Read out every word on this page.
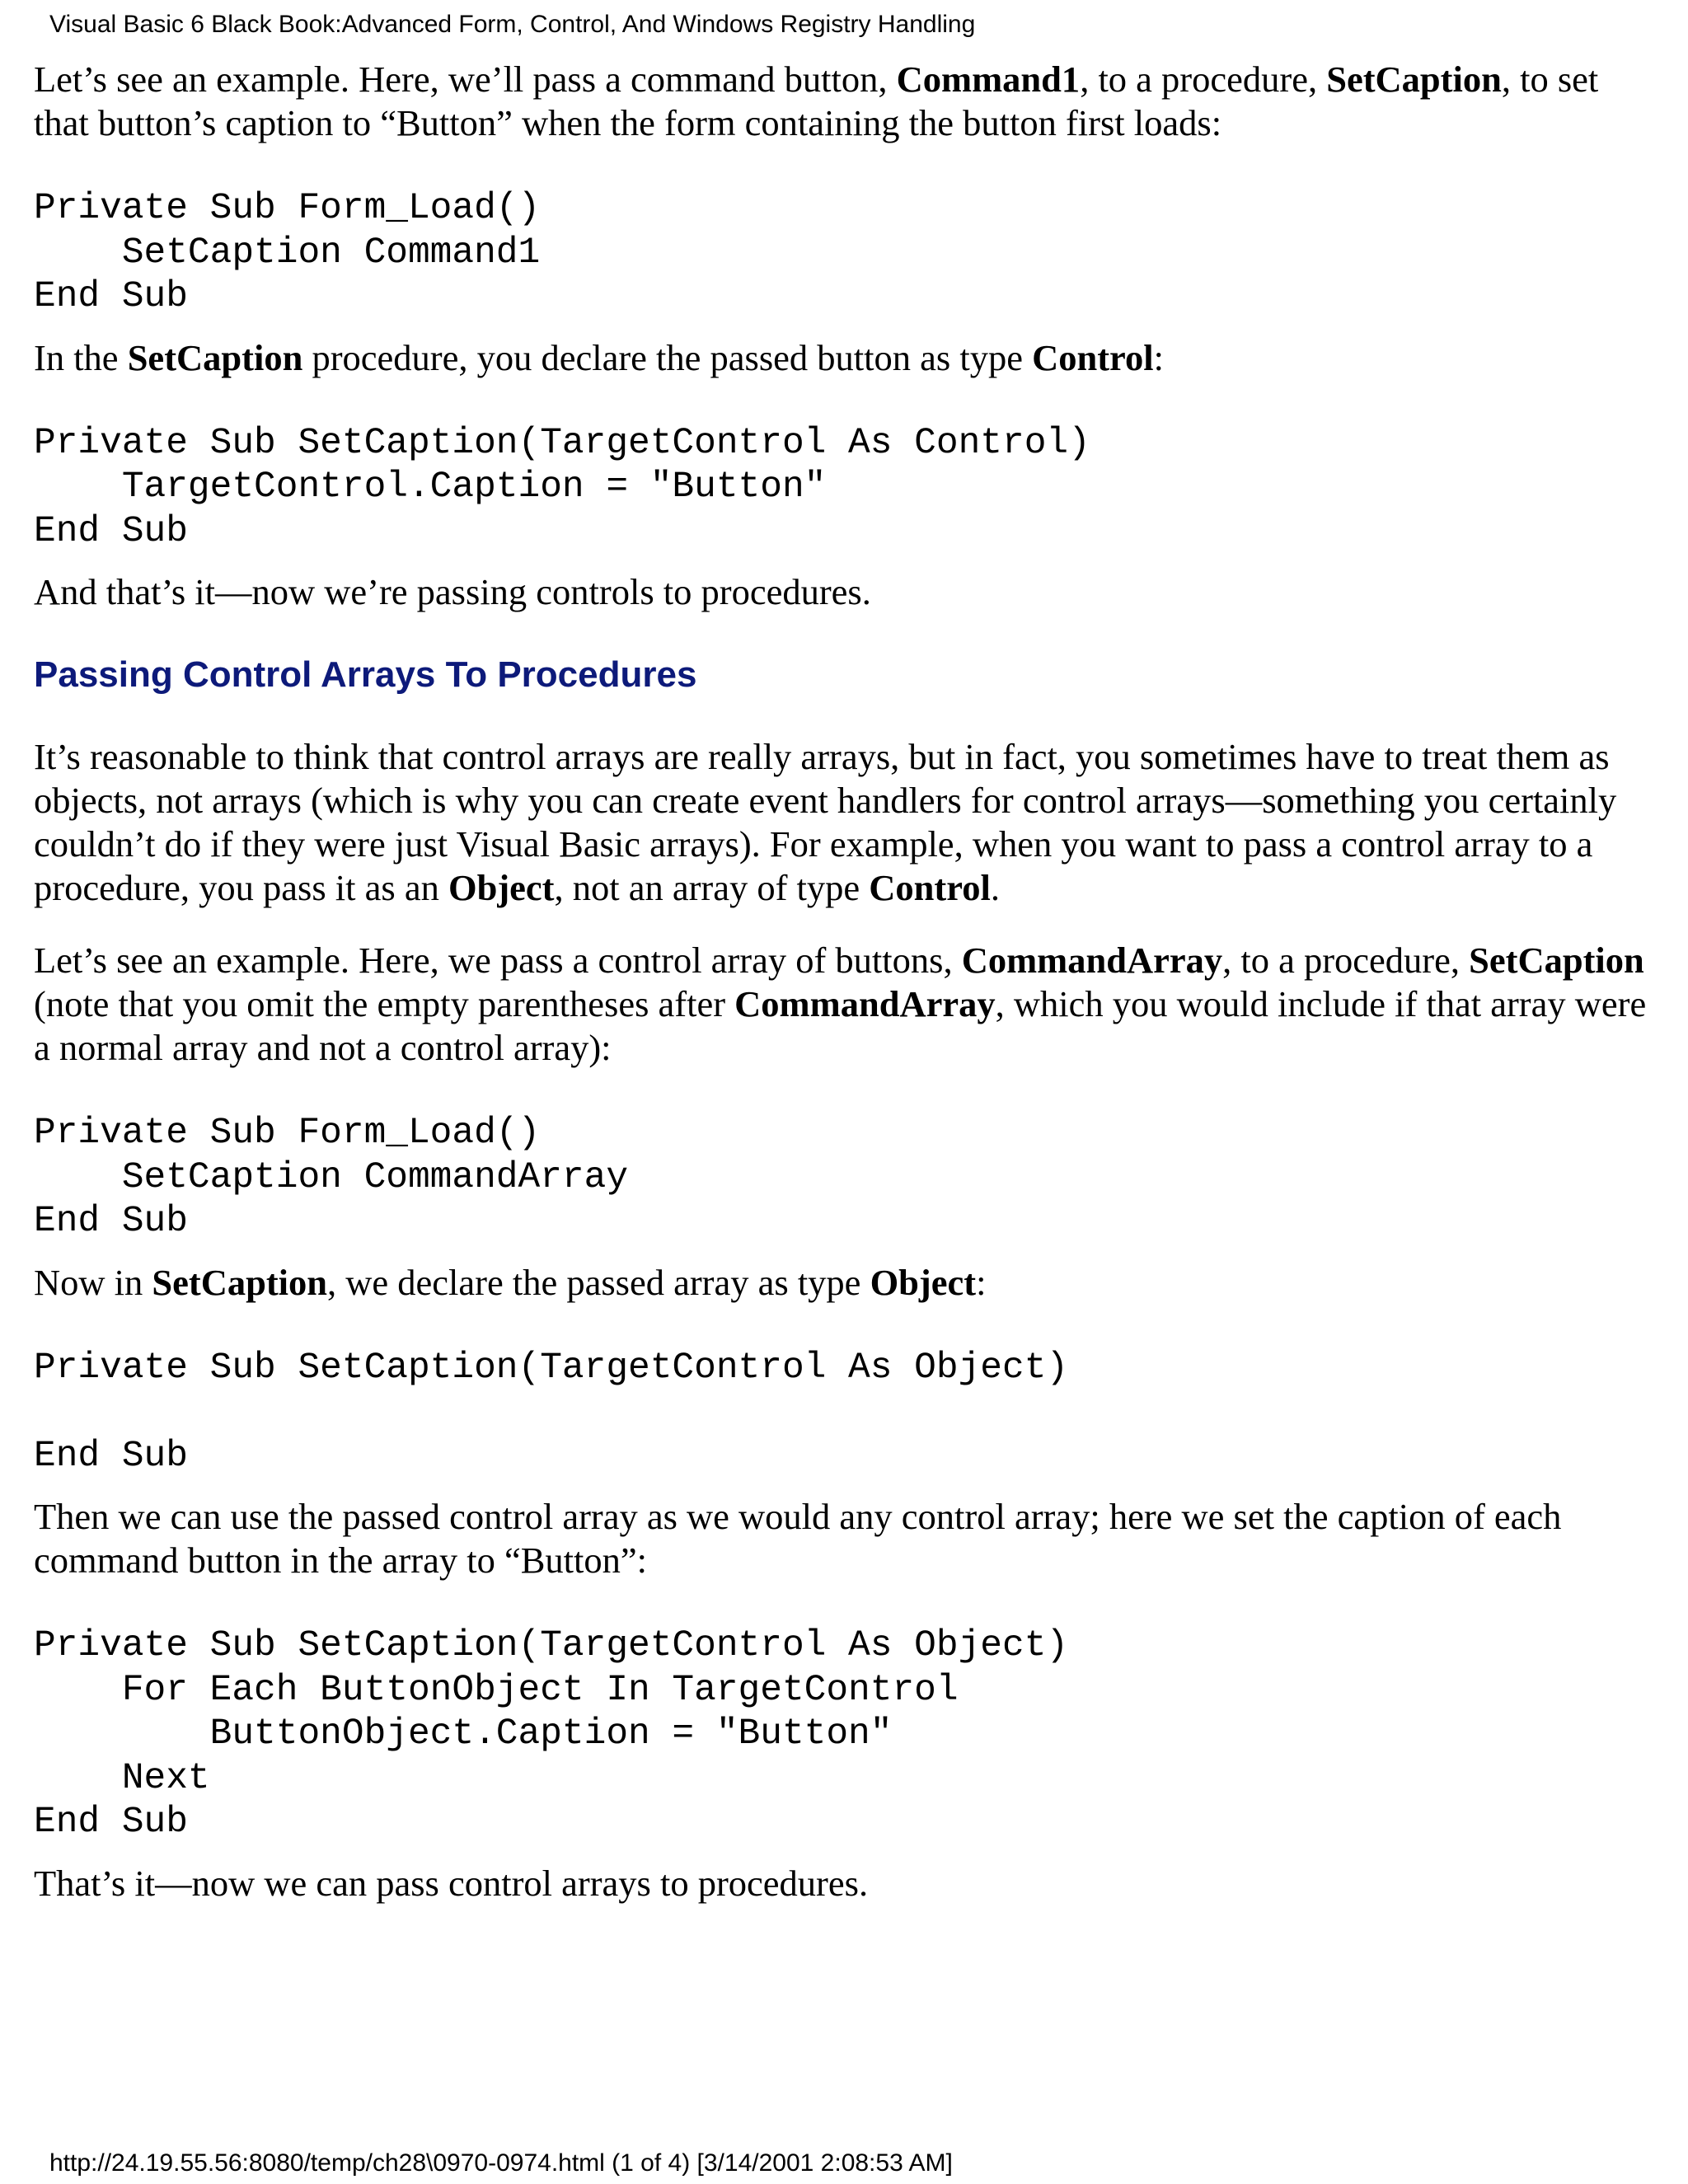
Visual Basic 6 Black Book:Advanced Form, Control, And Windows Registry Handling

Let’s see an example. Here, we’ll pass a command button, Command1, to a procedure, SetCaption, to set that button’s caption to “Button” when the form containing the button first loads:

Private Sub Form_Load()
SetCaption Command1
End Sub

In the SetCaption procedure, you declare the passed button as type Control:

Private Sub SetCaption(TargetControl As Control)
TargetControl.Caption = "Button"
End Sub

And that’s it—now we’re passing controls to procedures.

Passing Control Arrays To Procedures

It’s reasonable to think that control arrays are really arrays, but in fact, you sometimes have to treat them as objects, not arrays (which is why you can create event handlers for control arrays—something you certainly couldn’t do if they were just Visual Basic arrays). For example, when you want to pass a control array to a procedure, you pass it as an Object, not an array of type Control.

Let’s see an example. Here, we pass a control array of buttons, CommandArray, to a procedure, SetCaption (note that you omit the empty parentheses after CommandArray, which you would include if that array were a normal array and not a control array):

Private Sub Form_Load()
SetCaption CommandArray
End Sub

Now in SetCaption, we declare the passed array as type Object:

Private Sub SetCaption(TargetControl As Object)

End Sub

Then we can use the passed control array as we would any control array; here we set the caption of each command button in the array to “Button”:

Private Sub SetCaption(TargetControl As Object)
For Each ButtonObject In TargetControl
ButtonObject.Caption = "Button"
Next
End Sub

That’s it—now we can pass control arrays to procedures.

http://24.19.55.56:8080/temp/ch28\0970-0974.html (1 of 4) [3/14/2001 2:08:53 AM]
